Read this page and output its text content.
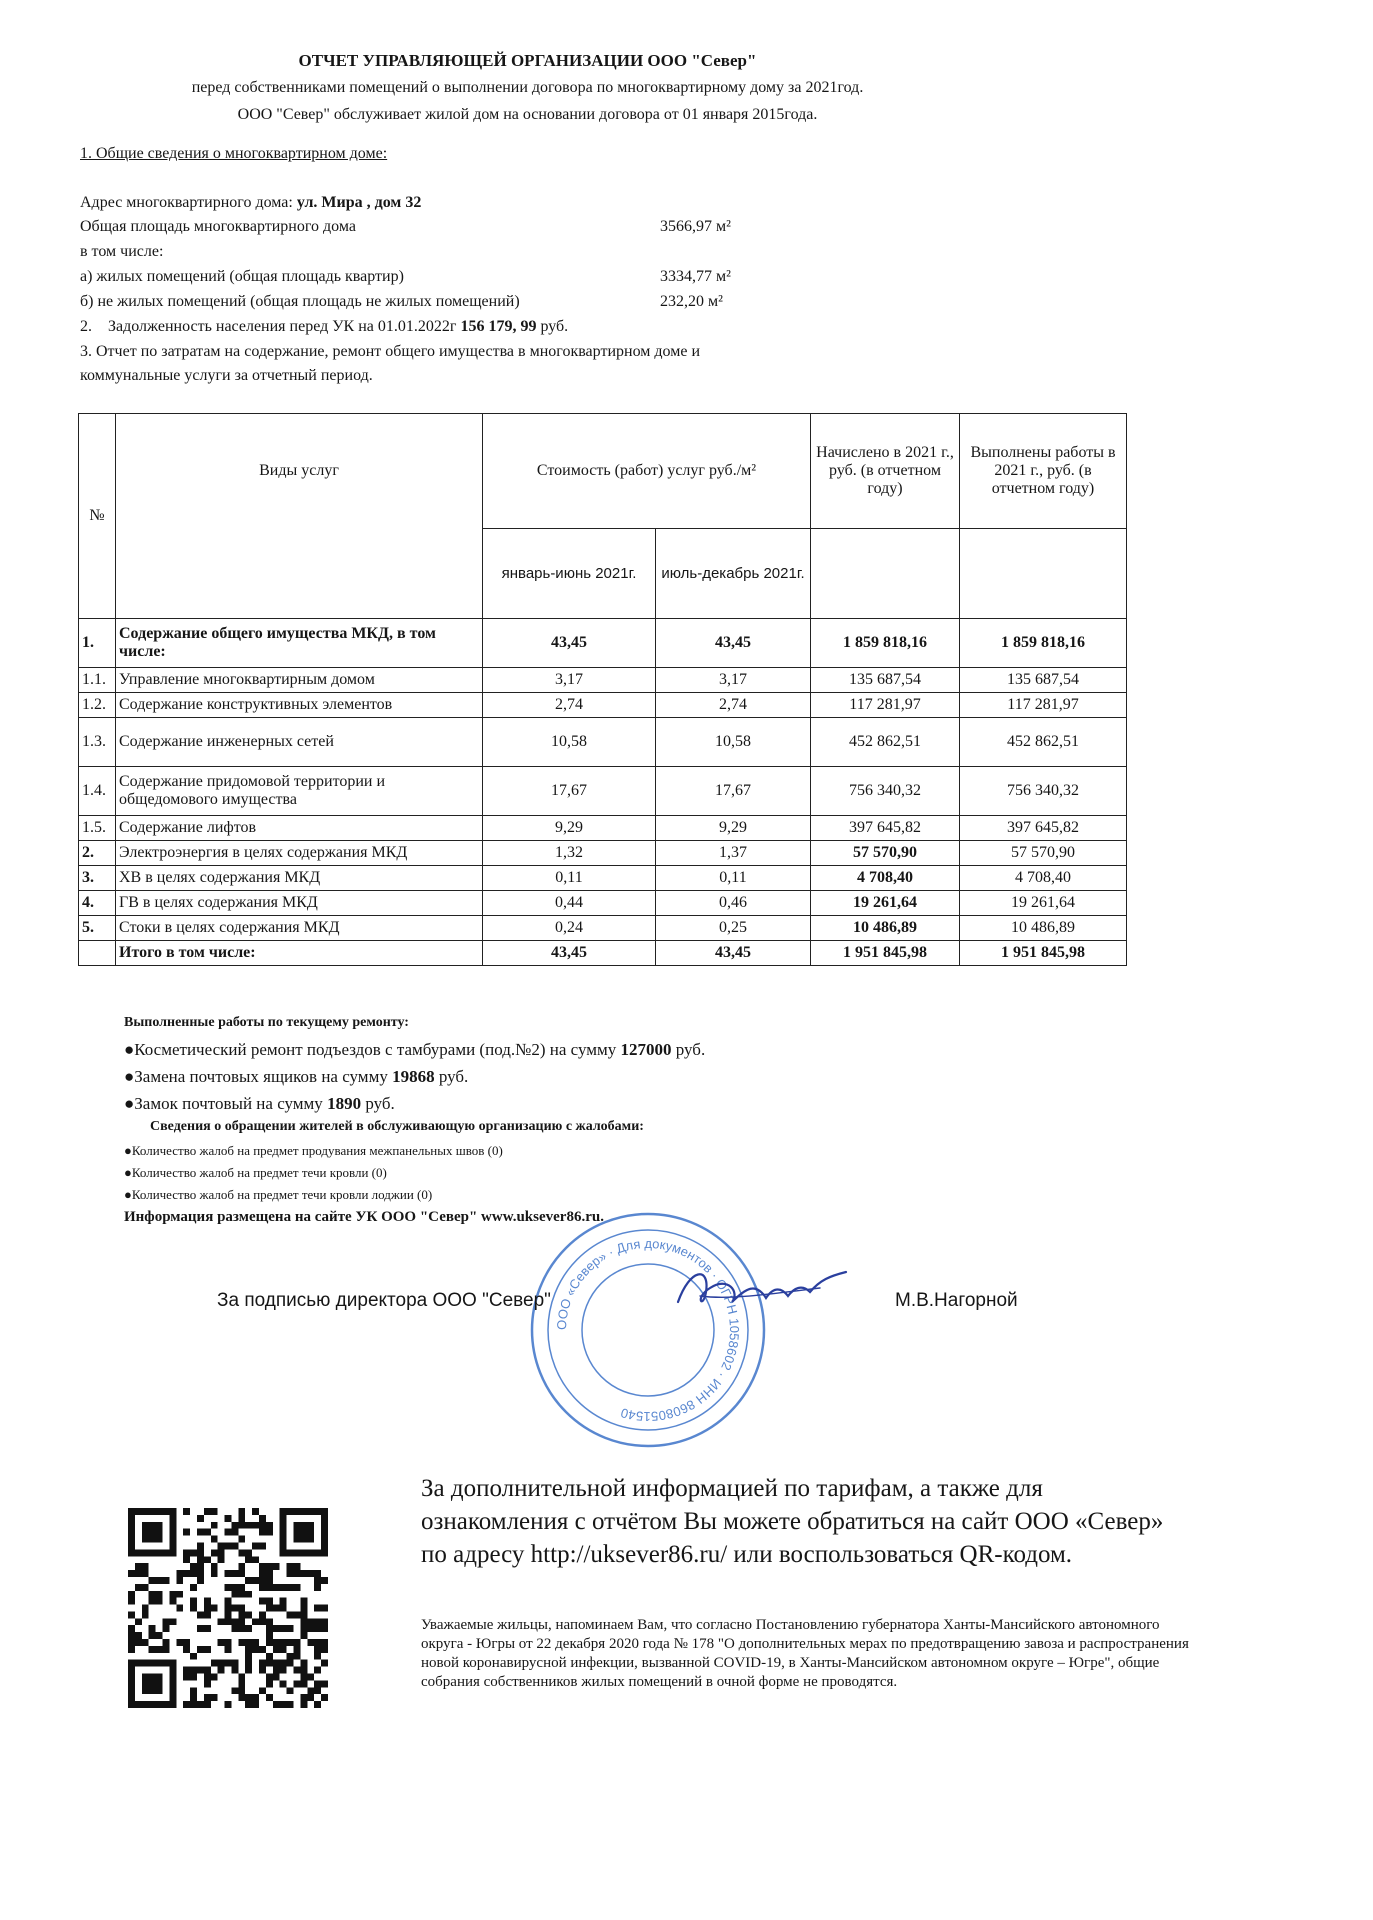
ОТЧЕТ УПРАВЛЯЮЩЕЙ ОРГАНИЗАЦИИ ООО "Север"
перед собственниками помещений о выполнении договора по многоквартирному дому за 2021год.
ООО "Север" обслуживает жилой дом на основании договора от 01 января 2015года.
1. Общие сведения о многоквартирном доме:
Адрес многоквартирного дома: ул. Мира , дом 32
Общая площадь многоквартирного дома	3566,97 м²
в том числе:
а) жилых помещений (общая площадь квартир)	3334,77 м²
б) не жилых помещений (общая площадь не жилых помещений)	232,20 м²
2. Задолженность населения перед УК на 01.01.2022г 156 179, 99 руб.
3. Отчет по затратам на содержание, ремонт общего имущества в многоквартирном доме и
коммунальные услуги за отчетный период.
№	Виды услуг	Стоимость (работ) услуг руб./м²		Начислено в 2021 г., руб. (в отчетном году)	Выполнены работы в 2021 г., руб. (в отчетном году)
		январь-июнь 2021г.	июль-декабрь 2021г.		
1.	Содержание общего имущества МКД, в том числе:	43,45	43,45	1 859 818,16	1 859 818,16
1.1.	Управление многоквартирным домом	3,17	3,17	135 687,54	135 687,54
1.2.	Содержание конструктивных элементов	2,74	2,74	117 281,97	117 281,97
1.3.	Содержание инженерных сетей	10,58	10,58	452 862,51	452 862,51
1.4.	Содержание придомовой территории и общедомового имущества	17,67	17,67	756 340,32	756 340,32
1.5.	Содержание лифтов	9,29	9,29	397 645,82	397 645,82
2.	Электроэнергия в целях содержания МКД	1,32	1,37	57 570,90	57 570,90
3.	ХВ в целях содержания МКД	0,11	0,11	4 708,40	4 708,40
4.	ГВ в целях содержания МКД	0,44	0,46	19 261,64	19 261,64
5.	Стоки в целях содержания МКД	0,24	0,25	10 486,89	10 486,89
	Итого в том числе:	43,45	43,45	1 951 845,98	1 951 845,98
Выполненные работы по текущему ремонту:
●Косметический ремонт подъездов с тамбурами (под.№2) на сумму 127000 руб.
●Замена почтовых ящиков на сумму 19868 руб.
●Замок почтовый на сумму 1890 руб.
Сведения о обращении жителей в обслуживающую организацию с жалобами:
●Количество жалоб на предмет продувания межпанельных швов (0)
●Количество жалоб на предмет течи кровли (0)
●Количество жалоб на предмет течи кровли лоджии (0)
Информация размещена на сайте УК ООО "Север" www.uksever86.ru.
ООО «Север» · Для документов · ОГРН 1058602 · ИНН 8608051540
За подписью директора ООО "Север"	М.В.Нагорной
За дополнительной информацией по тарифам, а также для ознакомления с отчётом Вы можете обратиться на сайт ООО «Север» по адресу http://uksever86.ru/ или воспользоваться QR-кодом.
Уважаемые жильцы, напоминаем Вам, что согласно Постановлению губернатора Ханты-Мансийского автономного округа - Югры от 22 декабря 2020 года № 178 "О дополнительных мерах по предотвращению завоза и распространения новой коронавирусной инфекции, вызванной COVID-19, в Ханты-Мансийском автономном округе – Югре", общие собрания собственников жилых помещений в очной форме не проводятся.
